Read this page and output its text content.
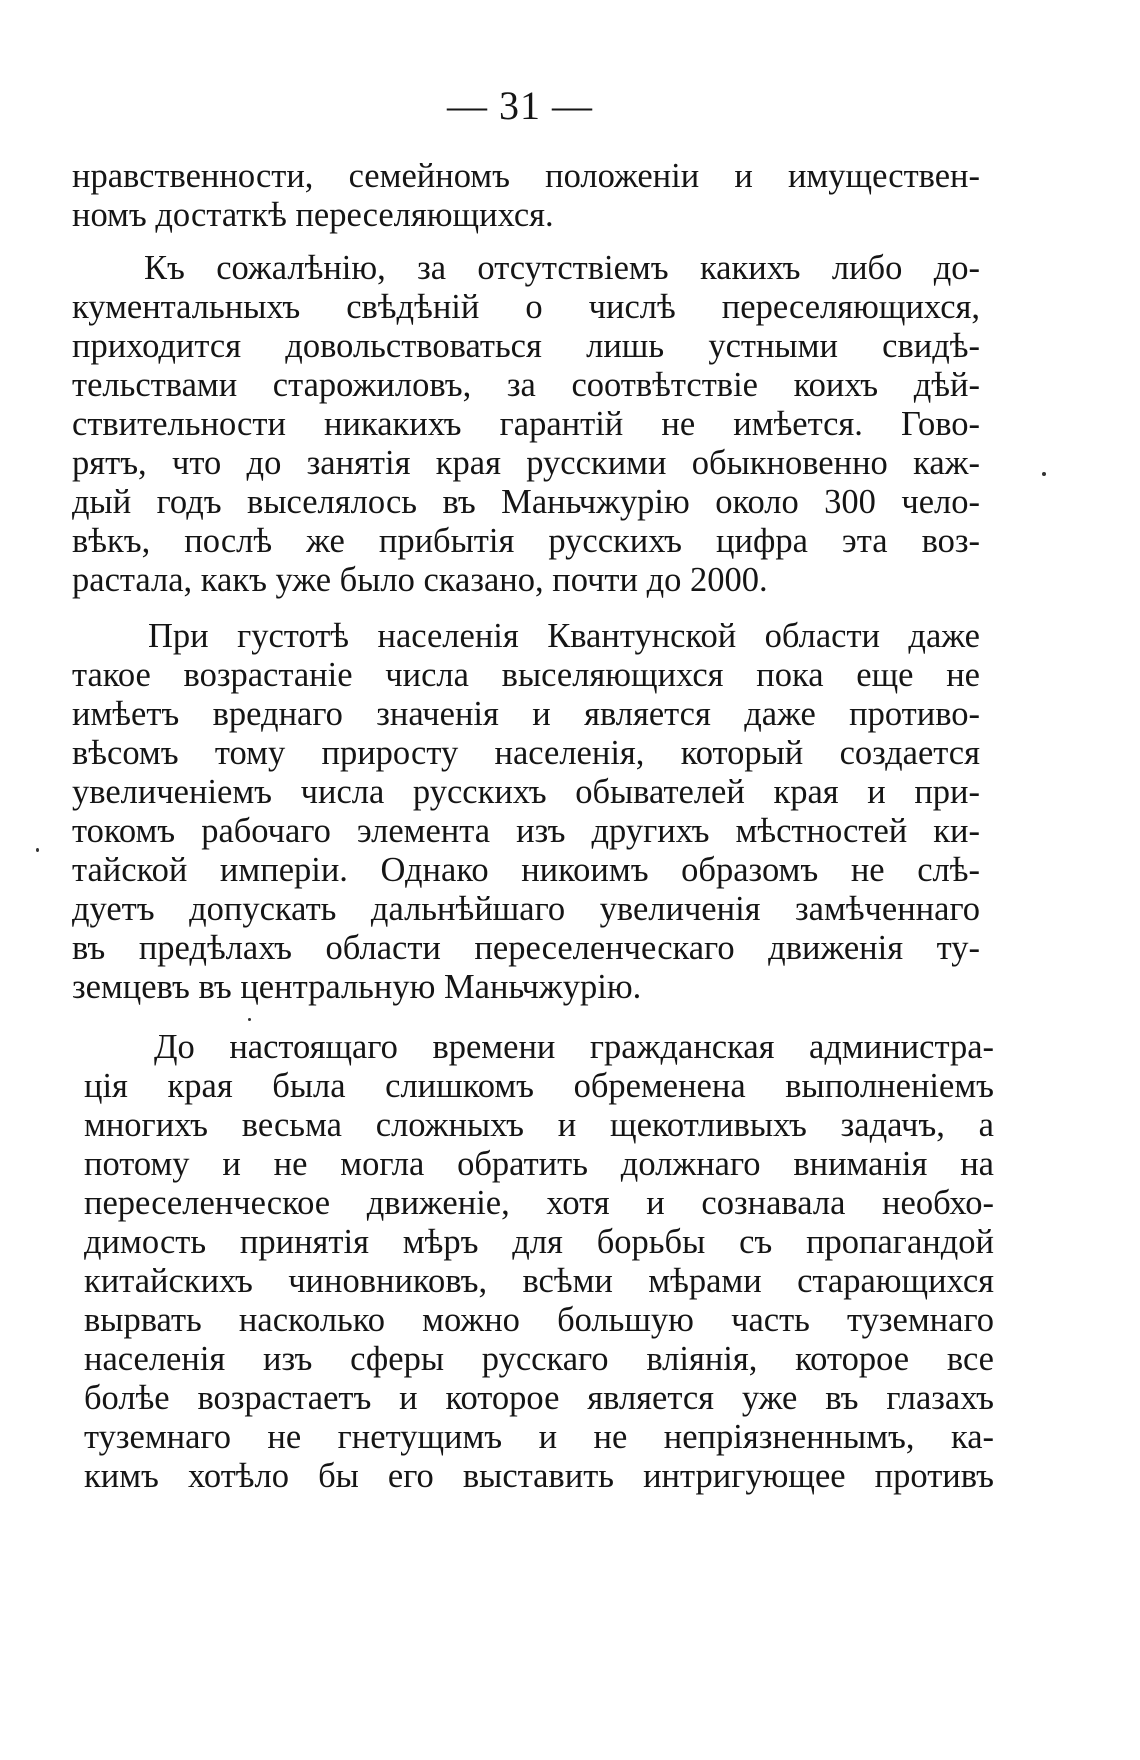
— 31 —
нравственности, семейномъ положеніи и имуществен-
номъ достаткѣ переселяющихся.
Къ сожалѣнію, за отсутствіемъ какихъ либо до-
кументальныхъ свѣдѣній о числѣ переселяющихся,
приходится довольствоваться лишь устными свидѣ-
тельствами старожиловъ, за соотвѣтствіе коихъ дѣй-
ствительности никакихъ гарантій не имѣется. Гово-
рятъ, что до занятія края русскими обыкновенно каж-
дый годъ выселялось въ Маньчжурію около 300 чело-
вѣкъ, послѣ же прибытія русскихъ цифра эта воз-
растала, какъ уже было сказано, почти до 2000.
При густотѣ населенія Квантунской области даже
такое возрастаніе числа выселяющихся пока еще не
имѣетъ вреднаго значенія и является даже противо-
вѣсомъ тому приросту населенія, который создается
увеличеніемъ числа русскихъ обывателей края и при-
токомъ рабочаго элемента изъ другихъ мѣстностей ки-
тайской имперіи. Однако никоимъ образомъ не слѣ-
дуетъ допускать дальнѣйшаго увеличенія замѣченнаго
въ предѣлахъ области переселенческаго движенія ту-
земцевъ въ центральную Маньчжурію.
До настоящаго времени гражданская администра-
ція края была слишкомъ обременена выполненіемъ
многихъ весьма сложныхъ и щекотливыхъ задачъ, а
потому и не могла обратить должнаго вниманія на
переселенческое движеніе, хотя и сознавала необхо-
димость принятія мѣръ для борьбы съ пропагандой
китайскихъ чиновниковъ, всѣми мѣрами старающихся
вырвать насколько можно большую часть туземнаго
населенія изъ сферы русскаго вліянія, которое все
болѣе возрастаетъ и которое является уже въ глазахъ
туземнаго не гнетущимъ и не непріязненнымъ, ка-
кимъ хотѣло бы его выставить интригующее противъ
